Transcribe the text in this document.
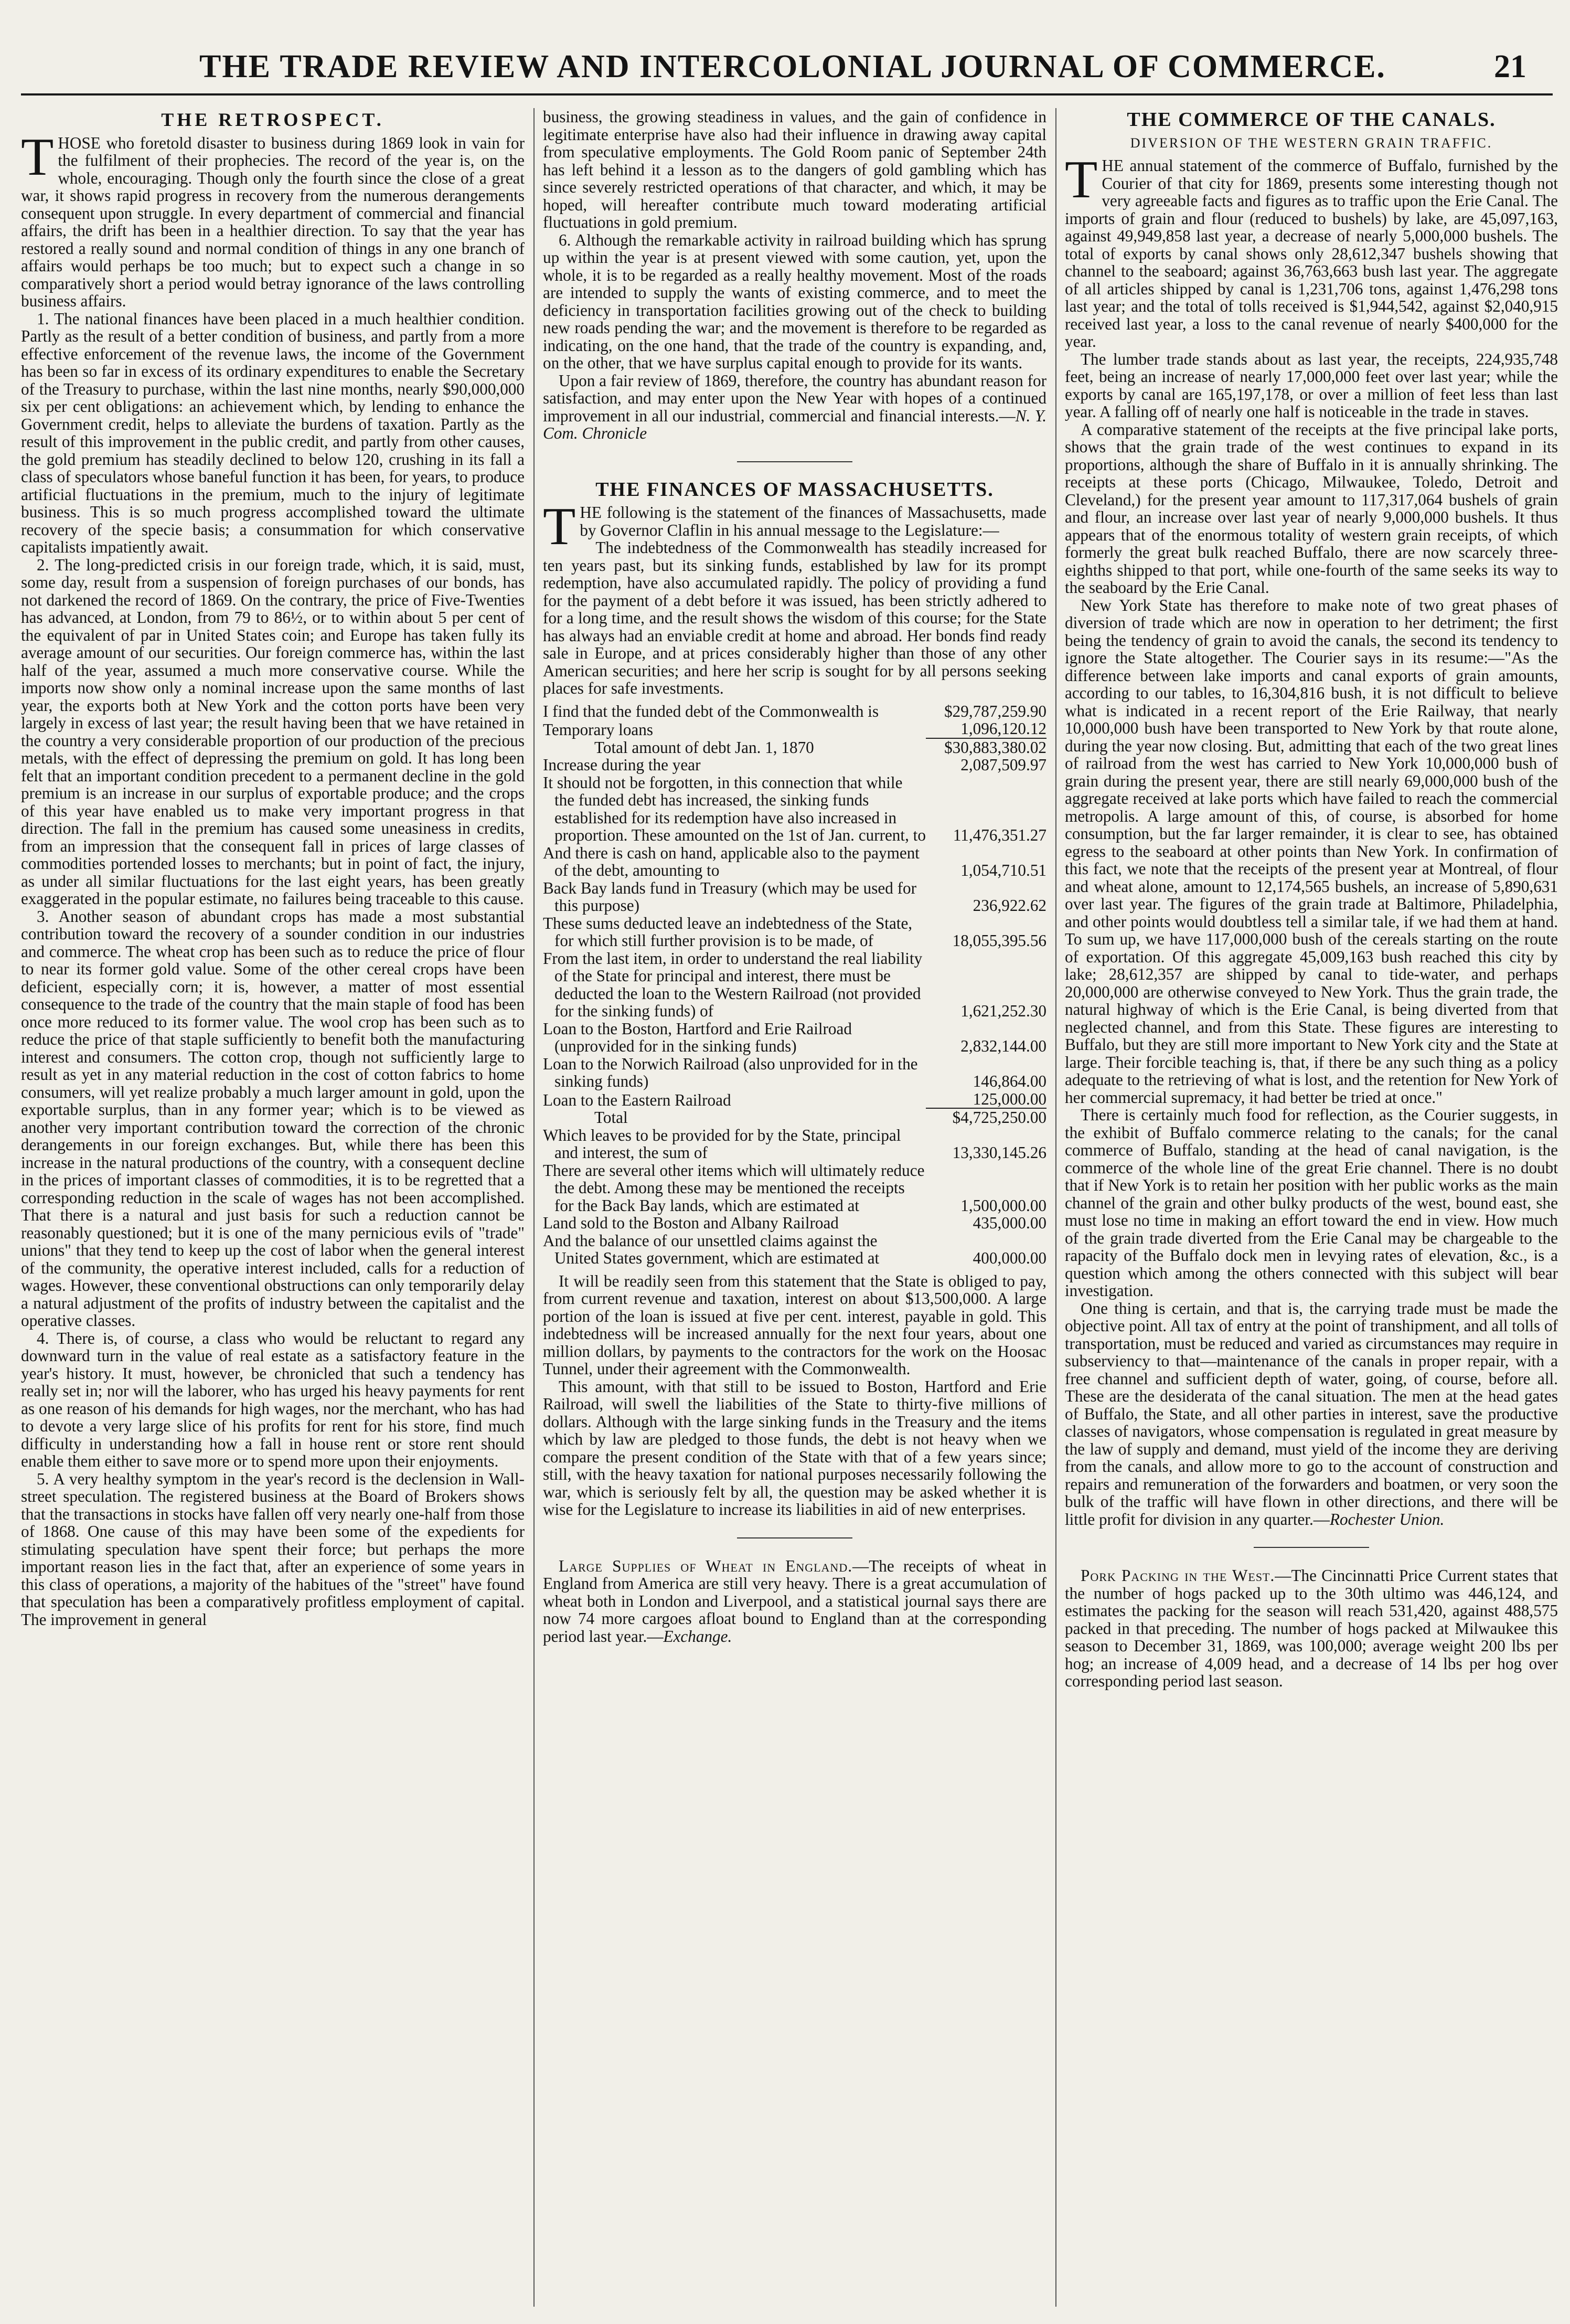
THE TRADE REVIEW AND INTERCOLONIAL JOURNAL OF COMMERCE.	21
THE RETROSPECT.

THOSE who foretold disaster to business during 1869 look in vain for the fulfilment of their prophecies. The record of the year is, on the whole, encouraging. Though only the fourth since the close of a great war, it shows rapid progress in recovery from the numerous derangements consequent upon struggle. In every department of commercial and financial affairs, the drift has been in a healthier direction. To say that the year has restored a really sound and normal condition of things in any one branch of affairs would perhaps be too much; but to expect such a change in so comparatively short a period would betray ignorance of the laws controlling business affairs.

1. The national finances have been placed in a much healthier condition. Partly as the result of a better condition of business, and partly from a more effective enforcement of the revenue laws, the income of the Government has been so far in excess of its ordinary expenditures to enable the Secretary of the Treasury to purchase, within the last nine months, nearly $90,000,000 six per cent obligations: an achievement which, by lending to enhance the Government credit, helps to alleviate the burdens of taxation. Partly as the result of this improvement in the public credit, and partly from other causes, the gold premium has steadily declined to below 120, crushing in its fall a class of speculators whose baneful function it has been, for years, to produce artificial fluctuations in the premium, much to the injury of legitimate business. This is so much progress accomplished toward the ultimate recovery of the specie basis; a consummation for which conservative capitalists impatiently await.

2. The long-predicted crisis in our foreign trade, which, it is said, must, some day, result from a suspension of foreign purchases of our bonds, has not darkened the record of 1869. On the contrary, the price of Five-Twenties has advanced, at London, from 79 to 86½, or to within about 5 per cent of the equivalent of par in United States coin; and Europe has taken fully its average amount of our securities. Our foreign commerce has, within the last half of the year, assumed a much more conservative course. While the imports now show only a nominal increase upon the same months of last year, the exports both at New York and the cotton ports have been very largely in excess of last year; the result having been that we have retained in the country a very considerable proportion of our production of the precious metals, with the effect of depressing the premium on gold. It has long been felt that an important condition precedent to a permanent decline in the gold premium is an increase in our surplus of exportable produce; and the crops of this year have enabled us to make very important progress in that direction. The fall in the premium has caused some uneasiness in credits, from an impression that the consequent fall in prices of large classes of commodities portended losses to merchants; but in point of fact, the injury, as under all similar fluctuations for the last eight years, has been greatly exaggerated in the popular estimate, no failures being traceable to this cause.

3. Another season of abundant crops has made a most substantial contribution toward the recovery of a sounder condition in our industries and commerce. The wheat crop has been such as to reduce the price of flour to near its former gold value. Some of the other cereal crops have been deficient, especially corn; it is, however, a matter of most essential consequence to the trade of the country that the main staple of food has been once more reduced to its former value. The wool crop has been such as to reduce the price of that staple sufficiently to benefit both the manufacturing interest and consumers. The cotton crop, though not sufficiently large to result as yet in any material reduction in the cost of cotton fabrics to home consumers, will yet realize probably a much larger amount in gold, upon the exportable surplus, than in any former year; which is to be viewed as another very important contribution toward the correction of the chronic derangements in our foreign exchanges. But, while there has been this increase in the natural productions of the country, with a consequent decline in the prices of important classes of commodities, it is to be regretted that a corresponding reduction in the scale of wages has not been accomplished. That there is a natural and just basis for such a reduction cannot be reasonably questioned; but it is one of the many pernicious evils of "trade" unions" that they tend to keep up the cost of labor when the general interest of the community, the operative interest included, calls for a reduction of wages. However, these conventional obstructions can only temporarily delay a natural adjustment of the profits of industry between the capitalist and the operative classes.

4. There is, of course, a class who would be reluctant to regard any downward turn in the value of real estate as a satisfactory feature in the year's history. It must, however, be chronicled that such a tendency has really set in; nor will the laborer, who has urged his heavy payments for rent as one reason of his demands for high wages, nor the merchant, who has had to devote a very large slice of his profits for rent for his store, find much difficulty in understanding how a fall in house rent or store rent should enable them either to save more or to spend more upon their enjoyments.

5. A very healthy symptom in the year's record is the declension in Wall-street speculation. The registered business at the Board of Brokers shows that the transactions in stocks have fallen off very nearly one-half from those of 1868. One cause of this may have been some of the expedients for stimulating speculation have spent their force; but perhaps the more important reason lies in the fact that, after an experience of some years in this class of operations, a majority of the habitues of the "street" have found that speculation has been a comparatively profitless employment of capital. The improvement in general

business, the growing steadiness in values, and the gain of confidence in legitimate enterprise have also had their influence in drawing away capital from speculative employments. The Gold Room panic of September 24th has left behind it a lesson as to the dangers of gold gambling which has since severely restricted operations of that character, and which, it may be hoped, will hereafter contribute much toward moderating artificial fluctuations in gold premium.

6. Although the remarkable activity in railroad building which has sprung up within the year is at present viewed with some caution, yet, upon the whole, it is to be regarded as a really healthy movement. Most of the roads are intended to supply the wants of existing commerce, and to meet the deficiency in transportation facilities growing out of the check to building new roads pending the war; and the movement is therefore to be regarded as indicating, on the one hand, that the trade of the country is expanding, and, on the other, that we have surplus capital enough to provide for its wants.

Upon a fair review of 1869, therefore, the country has abundant reason for satisfaction, and may enter upon the New Year with hopes of a continued improvement in all our industrial, commercial and financial interests.—N. Y. Com. Chronicle

THE FINANCES OF MASSACHUSETTS.

THE following is the statement of the finances of Massachusetts, made by Governor Claflin in his annual message to the Legislature:—

The indebtedness of the Commonwealth has steadily increased for ten years past, but its sinking funds, established by law for its prompt redemption, have also accumulated rapidly. The policy of providing a fund for the payment of a debt before it was issued, has been strictly adhered to for a long time, and the result shows the wisdom of this course; for the State has always had an enviable credit at home and abroad. Her bonds find ready sale in Europe, and at prices considerably higher than those of any other American securities; and here her scrip is sought for by all persons seeking places for safe investments.

I find that the funded debt of the Commonwealth is	$29,787,259.90
Temporary loans	1,096,120.12
Total amount of debt Jan. 1, 1870	$30,883,380.02
Increase during the year	2,087,509.97
It should not be forgotten, in this connection that while the funded debt has increased, the sinking funds established for its redemption have also increased in proportion. These amounted on the 1st of Jan. current, to	11,476,351.27
And there is cash on hand, applicable also to the payment of the debt, amounting to	1,054,710.51
Back Bay lands fund in Treasury (which may be used for this purpose)	236,922.62
These sums deducted leave an indebtedness of the State, for which still further provision is to be made, of	18,055,395.56
From the last item, in order to understand the real liability of the State for principal and interest, there must be deducted the loan to the Western Railroad (not provided for the sinking funds) of	1,621,252.30
Loan to the Boston, Hartford and Erie Railroad (unprovided for in the sinking funds)	2,832,144.00
Loan to the Norwich Railroad (also unprovided for in the sinking funds)	146,864.00
Loan to the Eastern Railroad	125,000.00
Total	$4,725,250.00
Which leaves to be provided for by the State, principal and interest, the sum of	13,330,145.26
There are several other items which will ultimately reduce the debt. Among these may be mentioned the receipts for the Back Bay lands, which are estimated at	1,500,000.00
Land sold to the Boston and Albany Railroad	435,000.00
And the balance of our unsettled claims against the United States government, which are estimated at	400,000.00

It will be readily seen from this statement that the State is obliged to pay, from current revenue and taxation, interest on about $13,500,000. A large portion of the loan is issued at five per cent. interest, payable in gold. This indebtedness will be increased annually for the next four years, about one million dollars, by payments to the contractors for the work on the Hoosac Tunnel, under their agreement with the Commonwealth.

This amount, with that still to be issued to Boston, Hartford and Erie Railroad, will swell the liabilities of the State to thirty-five millions of dollars. Although with the large sinking funds in the Treasury and the items which by law are pledged to those funds, the debt is not heavy when we compare the present condition of the State with that of a few years since; still, with the heavy taxation for national purposes necessarily following the war, which is seriously felt by all, the question may be asked whether it is wise for the Legislature to increase its liabilities in aid of new enterprises.

Large Supplies of Wheat in England.—The receipts of wheat in England from America are still very heavy. There is a great accumulation of wheat both in London and Liverpool, and a statistical journal says there are now 74 more cargoes afloat bound to England than at the corresponding period last year.—Exchange.

THE COMMERCE OF THE CANALS.
DIVERSION OF THE WESTERN GRAIN TRAFFIC.

THE annual statement of the commerce of Buffalo, furnished by the Courier of that city for 1869, presents some interesting though not very agreeable facts and figures as to traffic upon the Erie Canal. The imports of grain and flour (reduced to bushels) by lake, are 45,097,163, against 49,949,858 last year, a decrease of nearly 5,000,000 bushels. The total of exports by canal shows only 28,612,347 bushels showing that channel to the seaboard; against 36,763,663 bush last year. The aggregate of all articles shipped by canal is 1,231,706 tons, against 1,476,298 tons last year; and the total of tolls received is $1,944,542, against $2,040,915 received last year, a loss to the canal revenue of nearly $400,000 for the year.

The lumber trade stands about as last year, the receipts, 224,935,748 feet, being an increase of nearly 17,000,000 feet over last year; while the exports by canal are 165,197,178, or over a million of feet less than last year. A falling off of nearly one half is noticeable in the trade in staves.

A comparative statement of the receipts at the five principal lake ports, shows that the grain trade of the west continues to expand in its proportions, although the share of Buffalo in it is annually shrinking. The receipts at these ports (Chicago, Milwaukee, Toledo, Detroit and Cleveland,) for the present year amount to 117,317,064 bushels of grain and flour, an increase over last year of nearly 9,000,000 bushels. It thus appears that of the enormous totality of western grain receipts, of which formerly the great bulk reached Buffalo, there are now scarcely three-eighths shipped to that port, while one-fourth of the same seeks its way to the seaboard by the Erie Canal.

New York State has therefore to make note of two great phases of diversion of trade which are now in operation to her detriment; the first being the tendency of grain to avoid the canals, the second its tendency to ignore the State altogether. The Courier says in its resume:—"As the difference between lake imports and canal exports of grain amounts, according to our tables, to 16,304,816 bush, it is not difficult to believe what is indicated in a recent report of the Erie Railway, that nearly 10,000,000 bush have been transported to New York by that route alone, during the year now closing. But, admitting that each of the two great lines of railroad from the west has carried to New York 10,000,000 bush of grain during the present year, there are still nearly 69,000,000 bush of the aggregate received at lake ports which have failed to reach the commercial metropolis. A large amount of this, of course, is absorbed for home consumption, but the far larger remainder, it is clear to see, has obtained egress to the seaboard at other points than New York. In confirmation of this fact, we note that the receipts of the present year at Montreal, of flour and wheat alone, amount to 12,174,565 bushels, an increase of 5,890,631 over last year. The figures of the grain trade at Baltimore, Philadelphia, and other points would doubtless tell a similar tale, if we had them at hand. To sum up, we have 117,000,000 bush of the cereals starting on the route of exportation. Of this aggregate 45,009,163 bush reached this city by lake; 28,612,357 are shipped by canal to tide-water, and perhaps 20,000,000 are otherwise conveyed to New York. Thus the grain trade, the natural highway of which is the Erie Canal, is being diverted from that neglected channel, and from this State. These figures are interesting to Buffalo, but they are still more important to New York city and the State at large. Their forcible teaching is, that, if there be any such thing as a policy adequate to the retrieving of what is lost, and the retention for New York of her commercial supremacy, it had better be tried at once."

There is certainly much food for reflection, as the Courier suggests, in the exhibit of Buffalo commerce relating to the canals; for the canal commerce of Buffalo, standing at the head of canal navigation, is the commerce of the whole line of the great Erie channel. There is no doubt that if New York is to retain her position with her public works as the main channel of the grain and other bulky products of the west, bound east, she must lose no time in making an effort toward the end in view. How much of the grain trade diverted from the Erie Canal may be chargeable to the rapacity of the Buffalo dock men in levying rates of elevation, &c., is a question which among the others connected with this subject will bear investigation.

One thing is certain, and that is, the carrying trade must be made the objective point. All tax of entry at the point of transhipment, and all tolls of transportation, must be reduced and varied as circumstances may require in subserviency to that—maintenance of the canals in proper repair, with a free channel and sufficient depth of water, going, of course, before all. These are the desiderata of the canal situation. The men at the head gates of Buffalo, the State, and all other parties in interest, save the productive classes of navigators, whose compensation is regulated in great measure by the law of supply and demand, must yield of the income they are deriving from the canals, and allow more to go to the account of construction and repairs and remuneration of the forwarders and boatmen, or very soon the bulk of the traffic will have flown in other directions, and there will be little profit for division in any quarter.—Rochester Union.

Pork Packing in the West.—The Cincinnatti Price Current states that the number of hogs packed up to the 30th ultimo was 446,124, and estimates the packing for the season will reach 531,420, against 488,575 packed in that preceding. The number of hogs packed at Milwaukee this season to December 31, 1869, was 100,000; average weight 200 lbs per hog; an increase of 4,009 head, and a decrease of 14 lbs per hog over corresponding period last season.
